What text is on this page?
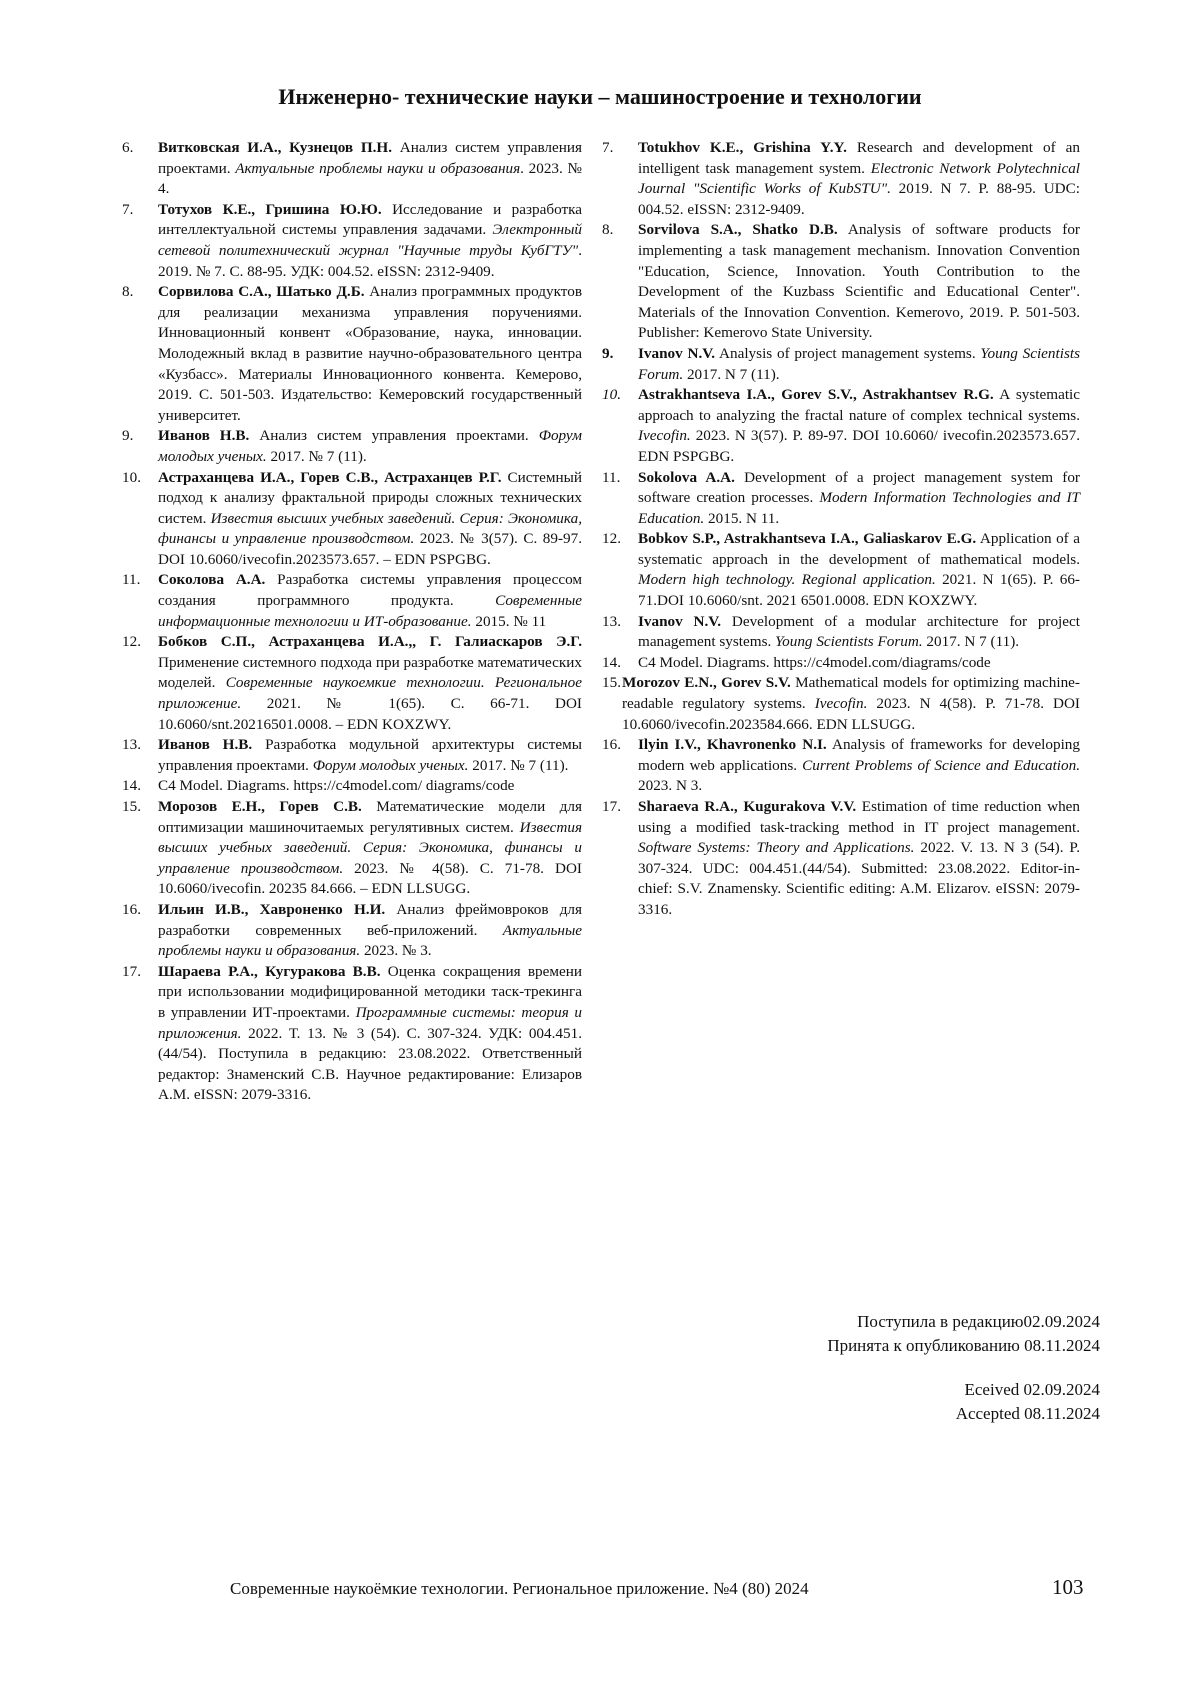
Инженерно- технические науки – машиностроение и технологии
6.	Витковская И.А., Кузнецов П.Н. Анализ систем управления проектами. Актуальные проблемы науки и образования. 2023. № 4.
7.	Тотухов К.Е., Гришина Ю.Ю. Исследование и разработка интеллектуальной системы управления задачами. Электронный сетевой политехнический журнал "Научные труды КубГТУ". 2019. № 7. С. 88-95. УДК: 004.52. eISSN: 2312-9409.
8.	Сорвилова С.А., Шатько Д.Б. Анализ программных продуктов для реализации механизма управления поручениями. Инновационный конвент «Образование, наука, инновации. Молодежный вклад в развитие научно-образовательного центра «Кузбасс». Материалы Инновационного конвента. Кемерово, 2019. С. 501-503. Издательство: Кемеровский государственный университет.
9.	Иванов Н.В. Анализ систем управления проектами. Форум молодых ученых. 2017. № 7 (11).
10.	Астраханцева И.А., Горев С.В., Астраханцев Р.Г. Системный подход к анализу фрактальной природы сложных технических систем. Известия высших учебных заведений. Серия: Экономика, финансы и управление производством. 2023. № 3(57). С. 89-97. DOI 10.6060/ivecofin.2023573.657. – EDN PSPGBG.
11.	Соколова А.А. Разработка системы управления процессом создания программного продукта. Современные информационные технологии и ИТ-образование. 2015. № 11
12.	Бобков С.П., Астраханцева И.А.,, Г. Галиаскаров Э.Г. Применение системного подхода при разработке математических моделей. Современные наукоемкие технологии. Региональное приложение. 2021. № 1(65). С. 66-71. DOI 10.6060/snt.20216501.0008. – EDN KOXZWY.
13.	Иванов Н.В. Разработка модульной архитектуры системы управления проектами. Форум молодых ученых. 2017. № 7 (11).
14.	C4 Model. Diagrams. https://c4model.com/ diagrams/code
15.	Морозов Е.Н., Горев С.В. Математические модели для оптимизации машиночитаемых регулятивных систем. Известия высших учебных заведений. Серия: Экономика, финансы и управление производством. 2023. № 4(58). С. 71-78. DOI 10.6060/ivecofin. 20235 84.666. – EDN LLSUGG.
16.	Ильин И.В., Хавроненко Н.И. Анализ фреймовроков для разработки современных веб-приложений. Актуальные проблемы науки и образования. 2023. № 3.
17.	Шараева Р.А., Кугуракова В.В. Оценка сокращения времени при использовании модифицированной методики таск-трекинга в управлении ИТ-проектами. Программные системы: теория и приложения. 2022. Т. 13. № 3 (54). С. 307-324. УДК: 004.451.(44/54). Поступила в редакцию: 23.08.2022. Ответственный редактор: Знаменский С.В. Научное редактирование: Елизаров А.М. eISSN: 2079-3316.
7.	Totukhov K.E., Grishina Y.Y. Research and development of an intelligent task management system. Electronic Network Polytechnical Journal "Scientific Works of KubSTU". 2019. N 7. P. 88-95. UDC: 004.52. eISSN: 2312-9409.
8.	Sorvilova S.A., Shatko D.B. Analysis of software products for implementing a task management mechanism. Innovation Convention "Education, Science, Innovation. Youth Contribution to the Development of the Kuzbass Scientific and Educational Center". Materials of the Innovation Convention. Kemerovo, 2019. P. 501-503. Publisher: Kemerovo State University.
9.	Ivanov N.V. Analysis of project management systems. Young Scientists Forum. 2017. N 7 (11).
10.	Astrakhantseva I.A., Gorev S.V., Astrakhantsev R.G. A systematic approach to analyzing the fractal nature of complex technical systems. Ivecofin. 2023. N 3(57). P. 89-97. DOI 10.6060/ ivecofin.2023573.657. EDN PSPGBG.
11.	Sokolova A.A. Development of a project management system for software creation processes. Modern Information Technologies and IT Education. 2015. N 11.
12.	Bobkov S.P., Astrakhantseva I.A., Galiaskarov E.G. Application of a systematic approach in the development of mathematical models. Modern high technology. Regional application. 2021. N 1(65). P. 66-71.DOI 10.6060/snt. 2021 6501.0008. EDN KOXZWY.
13.	Ivanov N.V. Development of a modular architecture for project management systems. Young Scientists Forum. 2017. N 7 (11).
14.	C4 Model. Diagrams. https://c4model.com/diagrams/code
15. Morozov E.N., Gorev S.V. Mathematical models for optimizing machine-readable regulatory systems. Ivecofin. 2023. N 4(58). P. 71-78. DOI 10.6060/ivecofin.2023584.666. EDN LLSUGG.
16.	Ilyin I.V., Khavronenko N.I. Analysis of frameworks for developing modern web applications. Current Problems of Science and Education. 2023. N 3.
17.	Sharaeva R.A., Kugurakova V.V. Estimation of time reduction when using a modified task-tracking method in IT project management. Software Systems: Theory and Applications. 2022. V. 13. N 3 (54). P. 307-324. UDC: 004.451.(44/54). Submitted: 23.08.2022. Editor-in-chief: S.V. Znamensky. Scientific editing: A.M. Elizarov. eISSN: 2079-3316.
Поступила в редакцию02.09.2024
Принята к опубликованию 08.11.2024
Eceived 02.09.2024
Accepted 08.11.2024
Современные наукоёмкие технологии. Региональное приложение. №4 (80) 2024	103
